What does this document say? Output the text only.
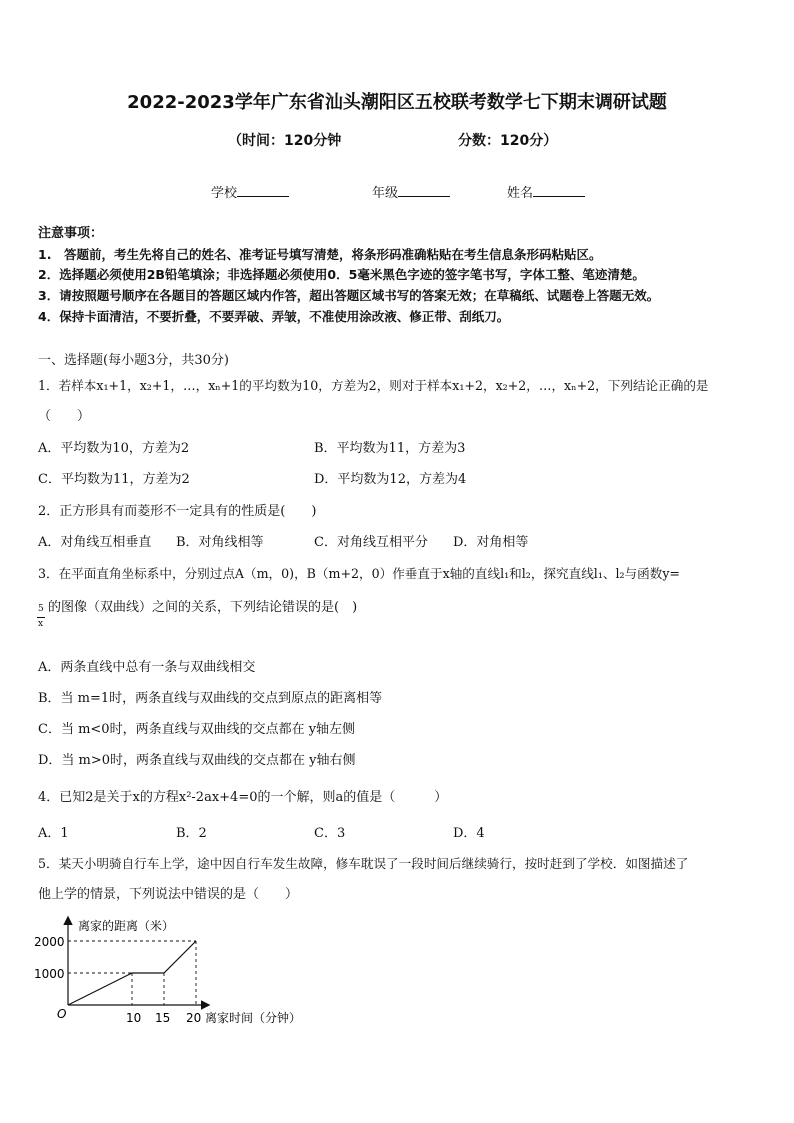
2022-2023学年广东省汕头潮阳区五校联考数学七下期末调研试题
（时间：120分钟	分数：120分）
学校	年级	姓名
注意事项：
1.　答题前，考生先将自己的姓名、准考证号填写清楚，将条形码准确粘贴在考生信息条形码粘贴区。
2．选择题必须使用2B铅笔填涂；非选择题必须使用0．5毫米黑色字迹的签字笔书写，字体工整、笔迹清楚。
3．请按照题号顺序在各题目的答题区域内作答，超出答题区域书写的答案无效；在草稿纸、试题卷上答题无效。
4．保持卡面清洁，不要折叠，不要弄破、弄皱，不准使用涂改液、修正带、刮纸刀。
一、选择题(每小题3分，共30分)
1．若样本x₁+1，x₂+1，…，xₙ+1的平均数为10，方差为2，则对于样本x₁+2，x₂+2，…，xₙ+2，下列结论正确的是
（　　）
A．平均数为10，方差为2	B．平均数为11，方差为3
C．平均数为11，方差为2	D．平均数为12，方差为4
2．正方形具有而菱形不一定具有的性质是(　　)
A．对角线互相垂直 B．对角线相等	C．对角线互相平分 D．对角相等
3．在平面直角坐标系中，分别过点A（m，0)，B（m+2，0）作垂直于x轴的直线l₁和l₂，探究直线l₁、l₂与函数y=
5
x
的图像（双曲线）之间的关系，下列结论错误的是(　)
A．两条直线中总有一条与双曲线相交
B．当 m=1时，两条直线与双曲线的交点到原点的距离相等
C．当 m<0时，两条直线与双曲线的交点都在 y轴左侧
D．当 m>0时，两条直线与双曲线的交点都在 y轴右侧
4．已知2是关于x的方程x²-2ax+4=0的一个解，则a的值是（　　　）
A．1	B．2	C．3	D．4
5．某天小明骑自行车上学，途中因自行车发生故障，修车耽误了一段时间后继续骑行，按时赶到了学校．如图描述了
他上学的情景，下列说法中错误的是（　　）
离家的距离（米）
离家时间（分钟）
O
2000
1000
10 15 20
